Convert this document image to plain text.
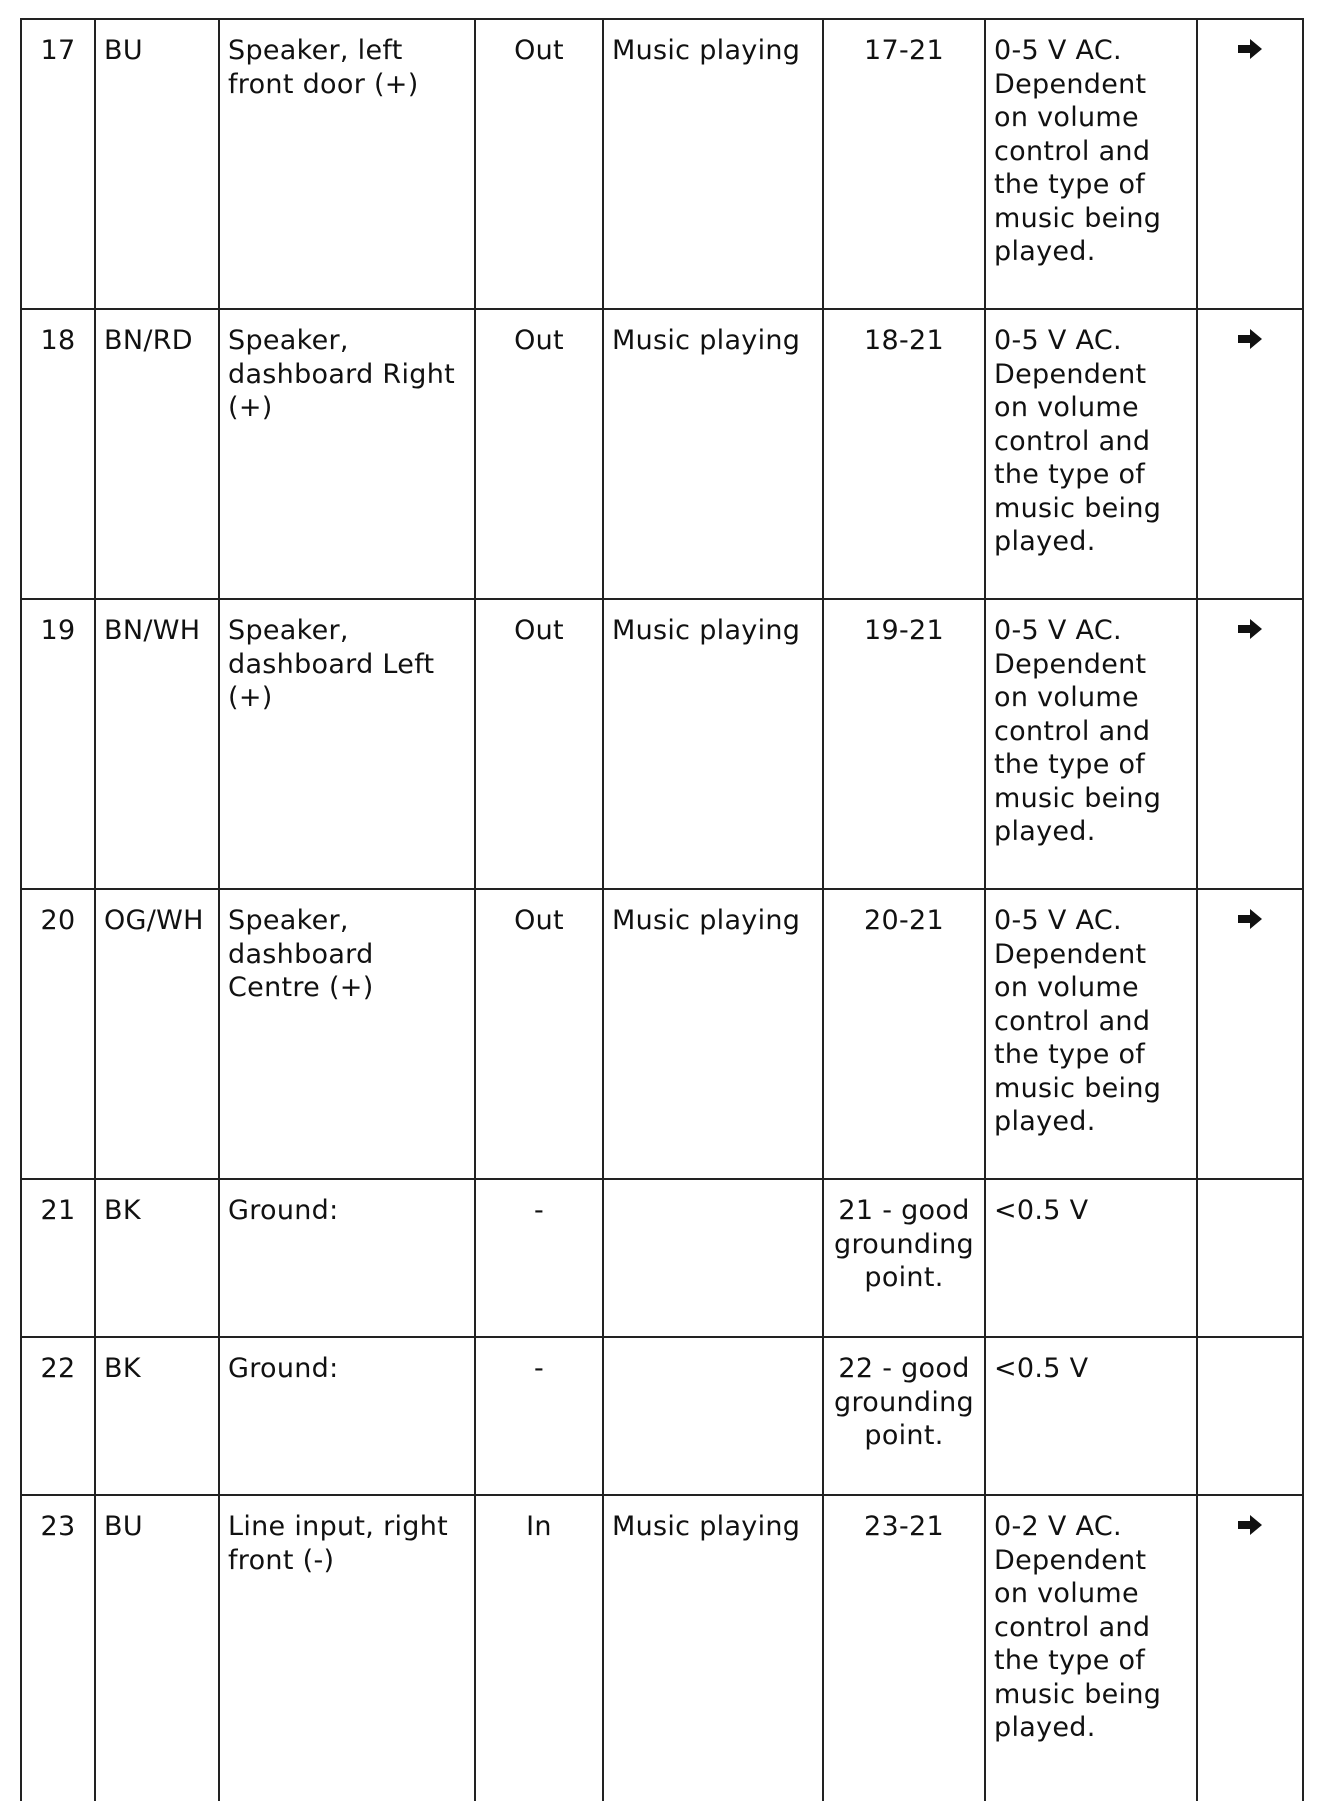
17	BU	Speaker, left front door (+)	Out	Music playing	17-21	0-5 V AC. Dependent on volume control and the type of music being played.	

18	BN/RD	Speaker, dashboard Right (+)	Out	Music playing	18-21	0-5 V AC. Dependent on volume control and the type of music being played.	

19	BN/WH	Speaker, dashboard Left (+)	Out	Music playing	19-21	0-5 V AC. Dependent on volume control and the type of music being played.	

20	OG/WH	Speaker, dashboard Centre (+)	Out	Music playing	20-21	0-5 V AC. Dependent on volume control and the type of music being played.	

21	BK	Ground:	-		21 - good grounding point.	<0.5 V	
22	BK	Ground:	-		22 - good grounding point.	<0.5 V	
23	BU	Line input, right front (-)	In	Music playing	23-21	0-2 V AC. Dependent on volume control and the type of music being played.	
